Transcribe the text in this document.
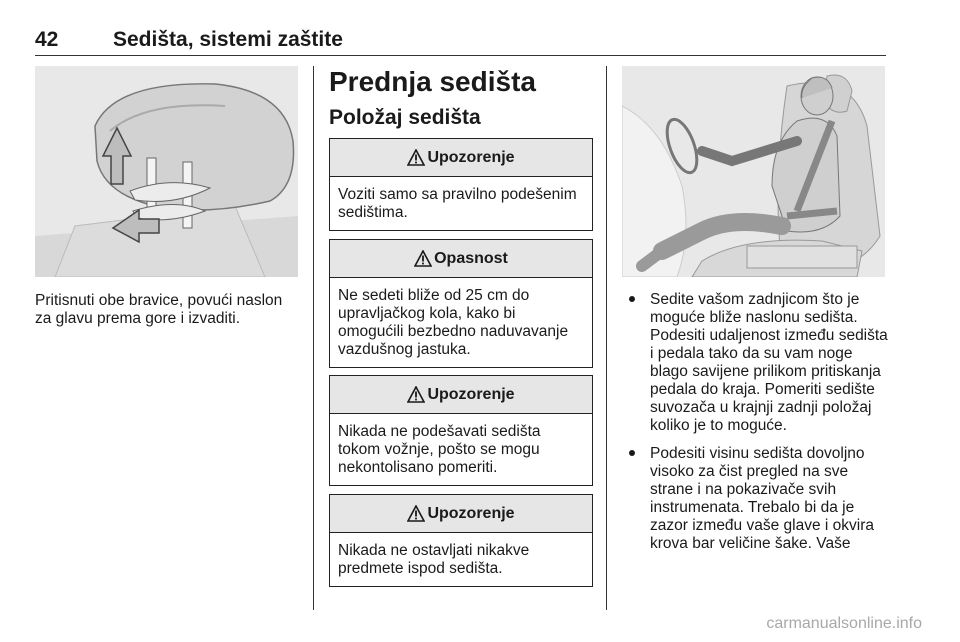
42	Sedišta, sistemi zaštite

Pritisnuti obe bravice, povući naslon za glavu prema gore i izvaditi.

Prednja sedišta
Položaj sedišta
Upozorenje
Voziti samo sa pravilno podešenim sedištima.
Opasnost
Ne sedeti bliže od 25 cm do upravljačkog kola, kako bi omogućili bezbedno naduvavanje vazdušnog jastuka.
Upozorenje
Nikada ne podešavati sedišta tokom vožnje, pošto se mogu nekontolisano pomeriti.
Upozorenje
Nikada ne ostavljati nikakve predmete ispod sedišta.
Sedite vašom zadnjicom što je moguće bliže naslonu sedišta. Podesiti udaljenost između sedišta i pedala tako da su vam noge blago savijene prilikom pritiskanja pedala do kraja. Pomeriti sedište suvozača u krajnji zadnji položaj koliko je to moguće.
Podesiti visinu sedišta dovoljno visoko za čist pregled na sve strane i na pokazivače svih instrumenata. Trebalo bi da je zazor između vaše glave i okvira krova bar veličine šake. Vaše
carmanualsonline.info
